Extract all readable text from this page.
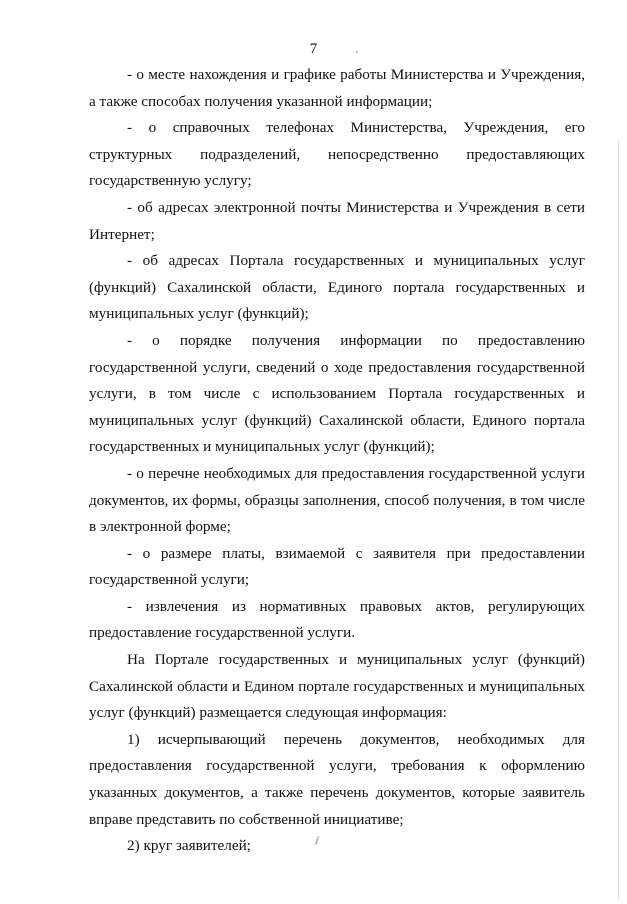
7

- о месте нахождения и графике работы Министерства и Учреждения, а также способах получения указанной информации;

- о справочных телефонах Министерства, Учреждения, его структурных подразделений, непосредственно предоставляющих государственную услугу;

- об адресах электронной почты Министерства и Учреждения в сети Интернет;

- об адресах Портала государственных и муниципальных услуг (функций) Сахалинской области, Единого портала государственных и муниципальных услуг (функций);

- о порядке получения информации по предоставлению государственной услуги, сведений о ходе предоставления государственной услуги, в том числе с использованием Портала государственных и муниципальных услуг (функций) Сахалинской области, Единого портала государственных и муниципальных услуг (функций);

- о перечне необходимых для предоставления государственной услуги документов, их формы, образцы заполнения, способ получения, в том числе в электронной форме;

- о размере платы, взимаемой с заявителя при предоставлении государственной услуги;

- извлечения из нормативных правовых актов, регулирующих предоставление государственной услуги.

На Портале государственных и муниципальных услуг (функций) Сахалинской области и Едином портале государственных и муниципальных услуг (функций) размещается следующая информация:

1) исчерпывающий перечень документов, необходимых для предоставления государственной услуги, требования к оформлению указанных документов, а также перечень документов, которые заявитель вправе представить по собственной инициативе;

2) круг заявителей;
